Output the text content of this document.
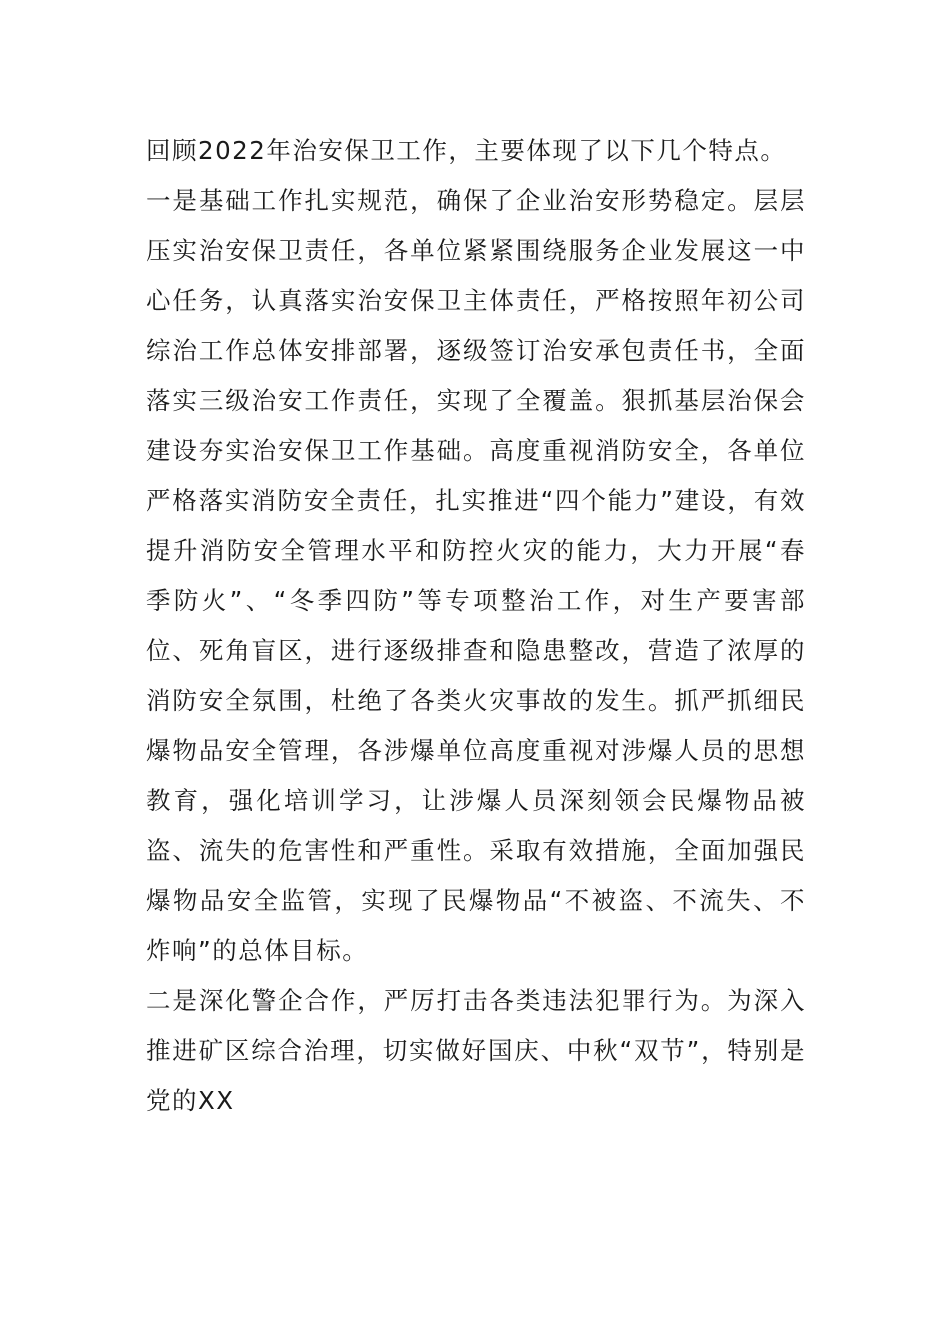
回顾2022年治安保卫工作，主要体现了以下几个特点。

一是基础工作扎实规范，确保了企业治安形势稳定。层层压实治安保卫责任，各单位紧紧围绕服务企业发展这一中心任务，认真落实治安保卫主体责任，严格按照年初公司综治工作总体安排部署，逐级签订治安承包责任书，全面落实三级治安工作责任，实现了全覆盖。狠抓基层治保会建设夯实治安保卫工作基础。高度重视消防安全，各单位严格落实消防安全责任，扎实推进“四个能力”建设，有效提升消防安全管理水平和防控火灾的能力，大力开展“春季防火”、“冬季四防”等专项整治工作，对生产要害部位、死角盲区，进行逐级排查和隐患整改，营造了浓厚的消防安全氛围，杜绝了各类火灾事故的发生。抓严抓细民爆物品安全管理，各涉爆单位高度重视对涉爆人员的思想教育，强化培训学习，让涉爆人员深刻领会民爆物品被盗、流失的危害性和严重性。采取有效措施，全面加强民爆物品安全监管，实现了民爆物品“不被盗、不流失、不炸响”的总体目标。

二是深化警企合作，严厉打击各类违法犯罪行为。为深入推进矿区综合治理，切实做好国庆、中秋“双节”，特别是党的XX
